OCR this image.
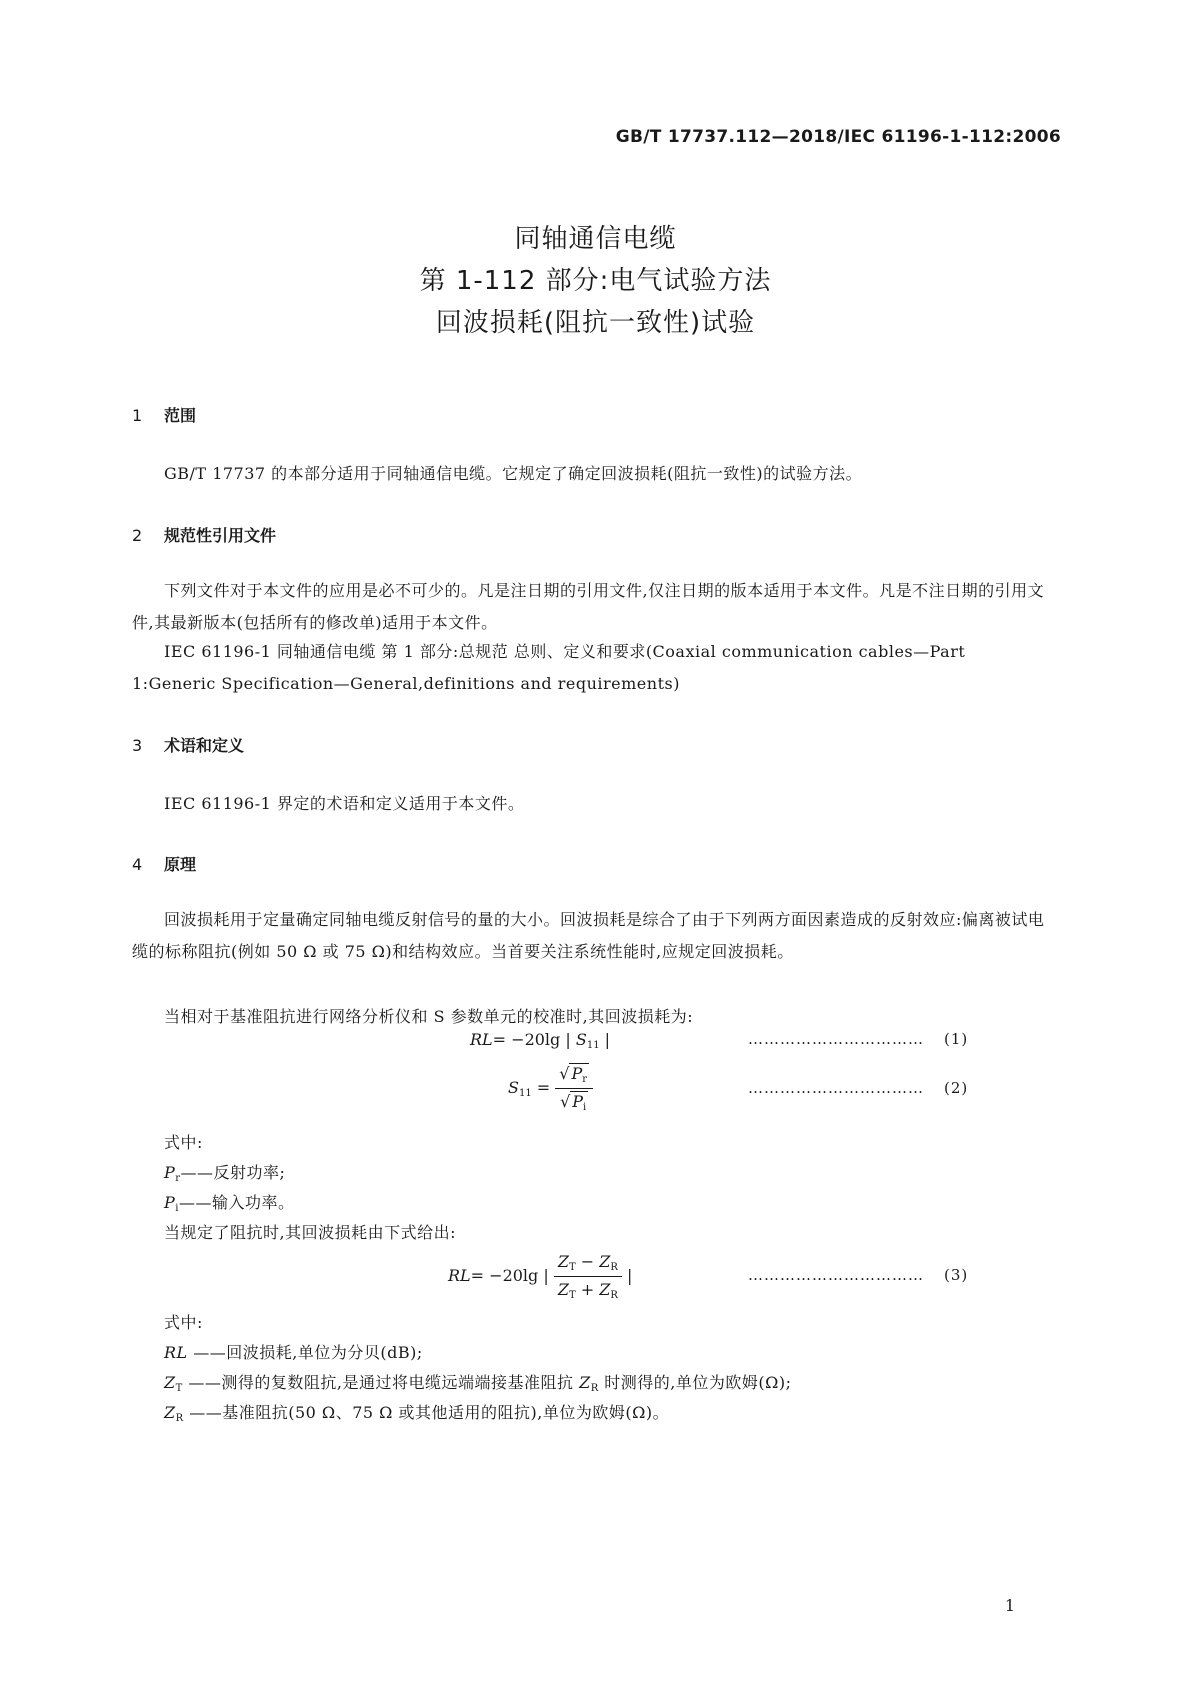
GB/T 17737.112—2018/IEC 61196-1-112:2006
同轴通信电缆
第 1-112 部分:电气试验方法
回波损耗(阻抗一致性)试验
1 范围
GB/T 17737 的本部分适用于同轴通信电缆。它规定了确定回波损耗(阻抗一致性)的试验方法。
2 规范性引用文件
下列文件对于本文件的应用是必不可少的。凡是注日期的引用文件,仅注日期的版本适用于本文件。凡是不注日期的引用文件,其最新版本(包括所有的修改单)适用于本文件。
IEC 61196-1 同轴通信电缆 第 1 部分:总规范 总则、定义和要求(Coaxial communication cables—Part 1:Generic Specification—General,definitions and requirements)
3 术语和定义
IEC 61196-1 界定的术语和定义适用于本文件。
4 原理
回波损耗用于定量确定同轴电缆反射信号的量的大小。回波损耗是综合了由于下列两方面因素造成的反射效应:偏离被试电缆的标称阻抗(例如 50 Ω 或 75 Ω)和结构效应。当首要关注系统性能时,应规定回波损耗。
当相对于基准阻抗进行网络分析仪和 S 参数单元的校准时,其回波损耗为:
RL= −20lg | $S_{11}$ |	…………………………… (1)
$S_{11} = \frac{√ P_r}{√ P_i}$	…………………………… (2)
式中:
$P_r——$反射功率;
$P_i——$输入功率。
当规定了阻抗时,其回波损耗由下式给出:
RL= −20lg | $\frac{Z_T - Z_R}{Z_T + Z_R}$ |	…………………………… (3)
式中:
RL ——回波损耗,单位为分贝(dB);
$Z_T$ ——测得的复数阻抗,是通过将电缆远端端接基准阻抗 $Z_R$ 时测得的,单位为欧姆(Ω);
$Z_R$ ——基准阻抗(50 Ω、75 Ω 或其他适用的阻抗),单位为欧姆(Ω)。
1
